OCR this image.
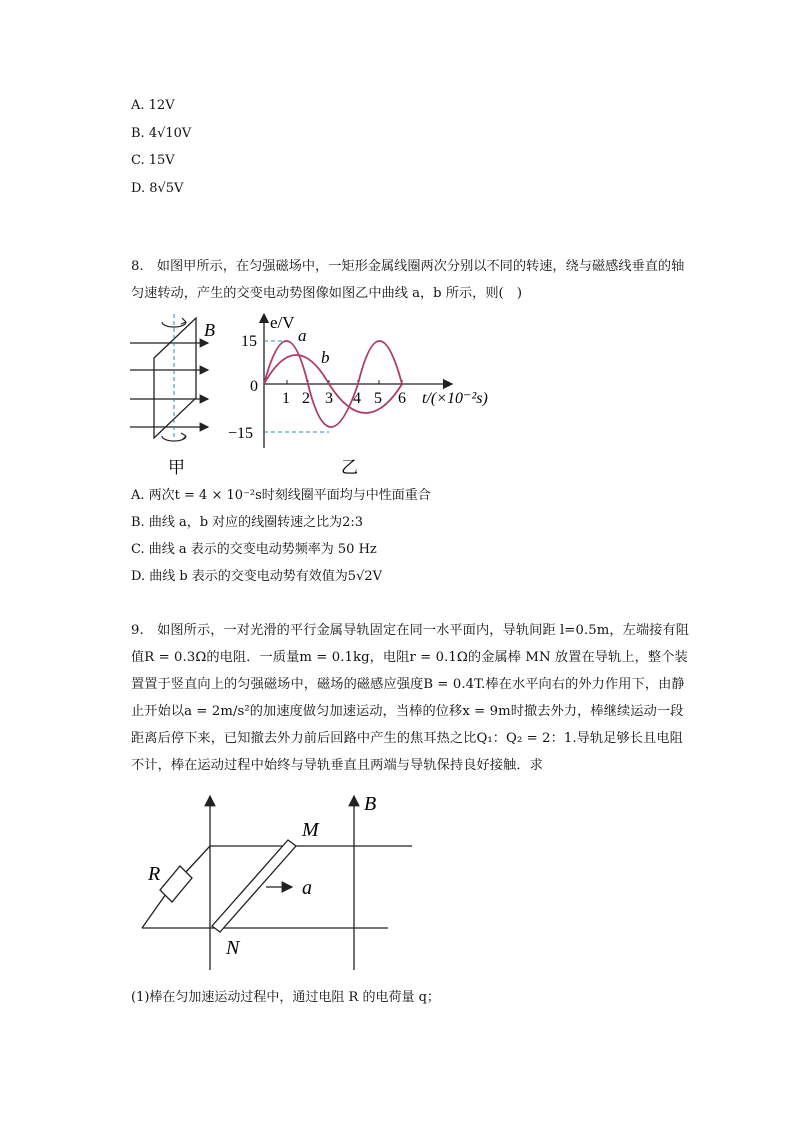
A. 12V
B. 4√10V
C. 15V
D. 8√5V
8.　如图甲所示，在匀强磁场中，一矩形金属线圈两次分别以不同的转速，绕与磁感线垂直的轴匀速转动，产生的交变电动势图像如图乙中曲线 a，b 所示，则(　)
B
甲
e/V
15
0
−15
1 2 3 4 5 6 t/(×10⁻²s)
a
b
乙
A. 两次t = 4 × 10⁻²s时刻线圈平面均与中性面重合
B. 曲线 a，b 对应的线圈转速之比为2:3
C. 曲线 a 表示的交变电动势频率为 50 Hz
D. 曲线 b 表示的交变电动势有效值为5√2V
9.　如图所示，一对光滑的平行金属导轨固定在同一水平面内，导轨间距 l=0.5m，左端接有阻值R = 0.3Ω的电阻．一质量m = 0.1kg，电阻r = 0.1Ω的金属棒 MN 放置在导轨上，整个装置置于竖直向上的匀强磁场中，磁场的磁感应强度B = 0.4T.棒在水平向右的外力作用下，由静止开始以a = 2m/s²的加速度做匀加速运动，当棒的位移x = 9m时撤去外力，棒继续运动一段距离后停下来，已知撤去外力前后回路中产生的焦耳热之比Q₁：Q₂ = 2：1.导轨足够长且电阻不计，棒在运动过程中始终与导轨垂直且两端与导轨保持良好接触．求
B
M
N
R
a
(1)棒在匀加速运动过程中，通过电阻 R 的电荷量 q；
